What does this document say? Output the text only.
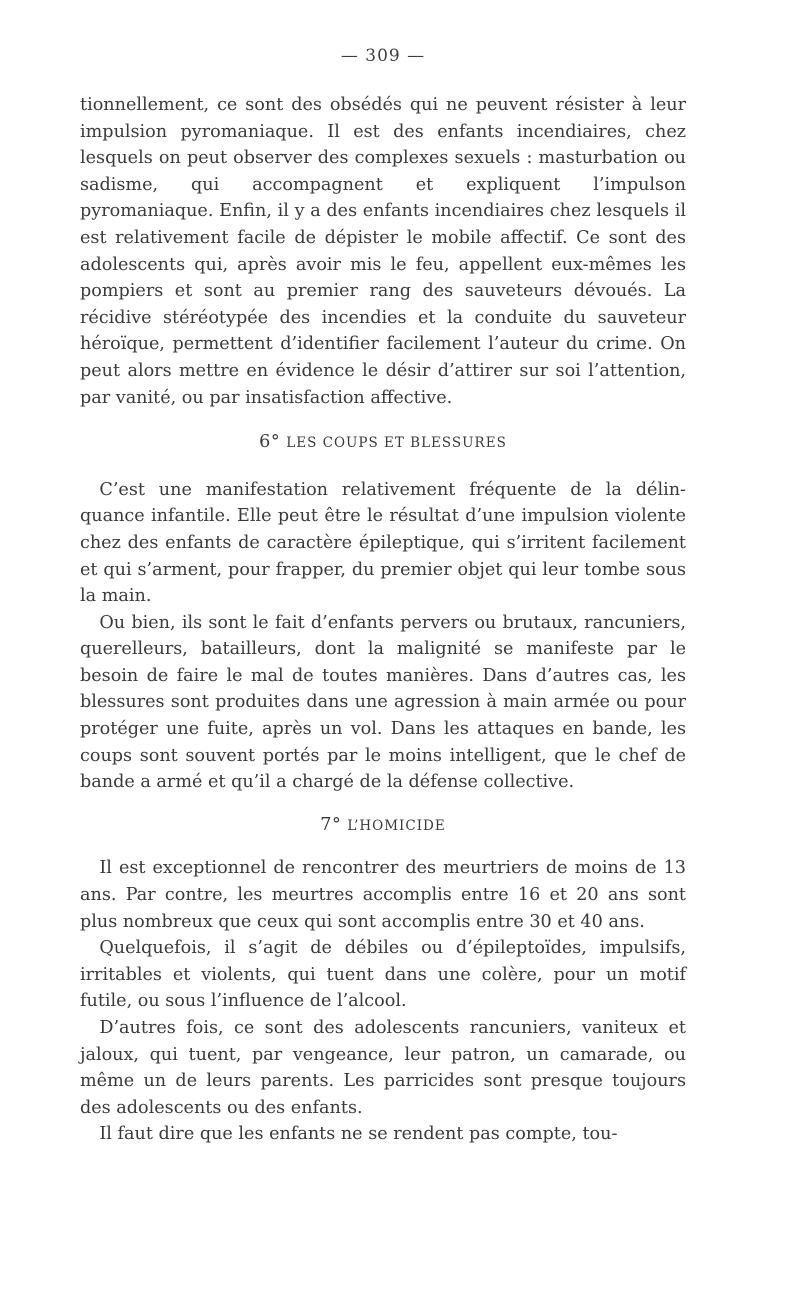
— 309 —

tionnellement, ce sont des obsédés qui ne peuvent résister à leur impulsion pyromaniaque. Il est des enfants incendiaires, chez lesquels on peut observer des complexes sexuels : masturbation ou sadisme, qui accompagnent et expliquent l’impulson pyromaniaque. Enfin, il y a des enfants incendiaires chez lesquels il est relativement facile de dépister le mobile affectif. Ce sont des adolescents qui, après avoir mis le feu, appellent eux-mêmes les pompiers et sont au premier rang des sauveteurs dévoués. La récidive stéréotypée des incendies et la conduite du sauveteur héroïque, permettent d’identifier facilement l’auteur du crime. On peut alors mettre en évidence le désir d’attirer sur soi l’attention, par vanité, ou par insatisfaction affective.

6° LES COUPS ET BLESSURES

C’est une manifestation relativement fréquente de la délinquance infantile. Elle peut être le résultat d’une impulsion violente chez des enfants de caractère épileptique, qui s’irritent facilement et qui s’arment, pour frapper, du premier objet qui leur tombe sous la main.

Ou bien, ils sont le fait d’enfants pervers ou brutaux, rancuniers, querelleurs, batailleurs, dont la malignité se manifeste par le besoin de faire le mal de toutes manières. Dans d’autres cas, les blessures sont produites dans une agression à main armée ou pour protéger une fuite, après un vol. Dans les attaques en bande, les coups sont souvent portés par le moins intelligent, que le chef de bande a armé et qu’il a chargé de la défense collective.

7° L’HOMICIDE

Il est exceptionnel de rencontrer des meurtriers de moins de 13 ans. Par contre, les meurtres accomplis entre 16 et 20 ans sont plus nombreux que ceux qui sont accomplis entre 30 et 40 ans.

Quelquefois, il s’agit de débiles ou d’épileptoïdes, impulsifs, irritables et violents, qui tuent dans une colère, pour un motif futile, ou sous l’influence de l’alcool.

D’autres fois, ce sont des adolescents rancuniers, vaniteux et jaloux, qui tuent, par vengeance, leur patron, un camarade, ou même un de leurs parents. Les parricides sont presque toujours des adolescents ou des enfants.

Il faut dire que les enfants ne se rendent pas compte, tou-
